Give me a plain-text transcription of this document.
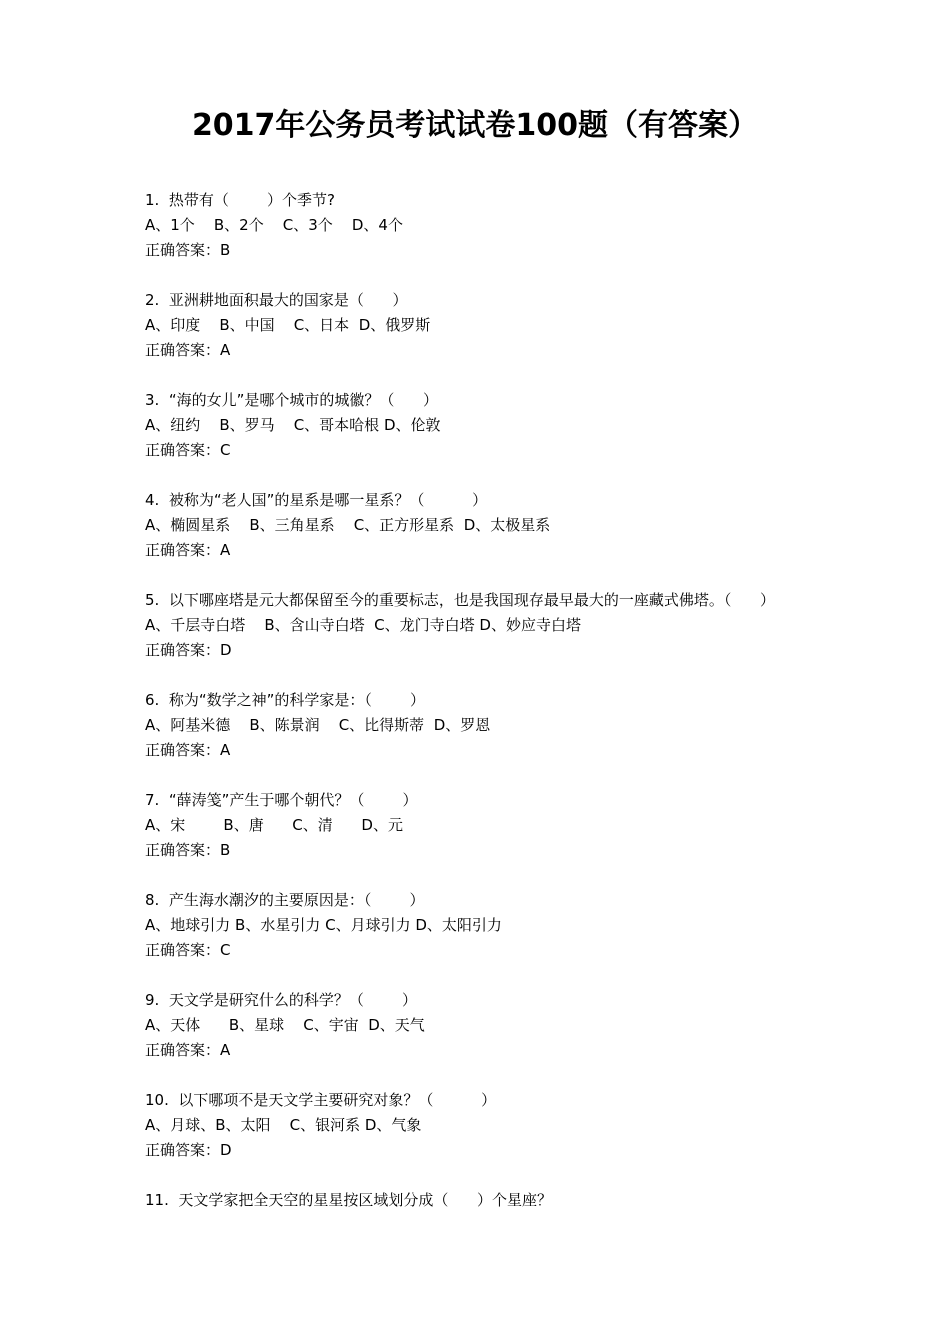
2017年公务员考试试卷100题（有答案）
1.  热带有（        ）个季节?
A、1个    B、2个    C、3个    D、4个
正确答案：B
2.  亚洲耕地面积最大的国家是（      ）
A、印度    B、中国    C、日本  D、俄罗斯
正确答案：A
3.  “海的女儿”是哪个城市的城徽？（      ）
A、纽约    B、罗马    C、哥本哈根 D、伦敦
正确答案：C
4.  被称为“老人国”的星系是哪一星系？（          ）
A、椭圆星系    B、三角星系    C、正方形星系  D、太极星系
正确答案：A
5.  以下哪座塔是元大都保留至今的重要标志，也是我国现存最早最大的一座藏式佛塔。（      ）
A、千层寺白塔    B、含山寺白塔  C、龙门寺白塔 D、妙应寺白塔
正确答案：D
6.  称为“数学之神”的科学家是：（        ）
A、阿基米德    B、陈景润    C、比得斯蒂  D、罗恩
正确答案：A
7.  “薛涛笺”产生于哪个朝代？（        ）
A、宋        B、唐      C、清      D、元
正确答案：B
8.  产生海水潮汐的主要原因是：（        ）
A、地球引力 B、水星引力 C、月球引力 D、太阳引力
正确答案：C
9.  天文学是研究什么的科学？（        ）
A、天体      B、星球    C、宇宙  D、天气
正确答案：A
10.  以下哪项不是天文学主要研究对象？（          ）
A、月球、B、太阳    C、银河系 D、气象
正确答案：D
11.  天文学家把全天空的星星按区域划分成（      ）个星座？
